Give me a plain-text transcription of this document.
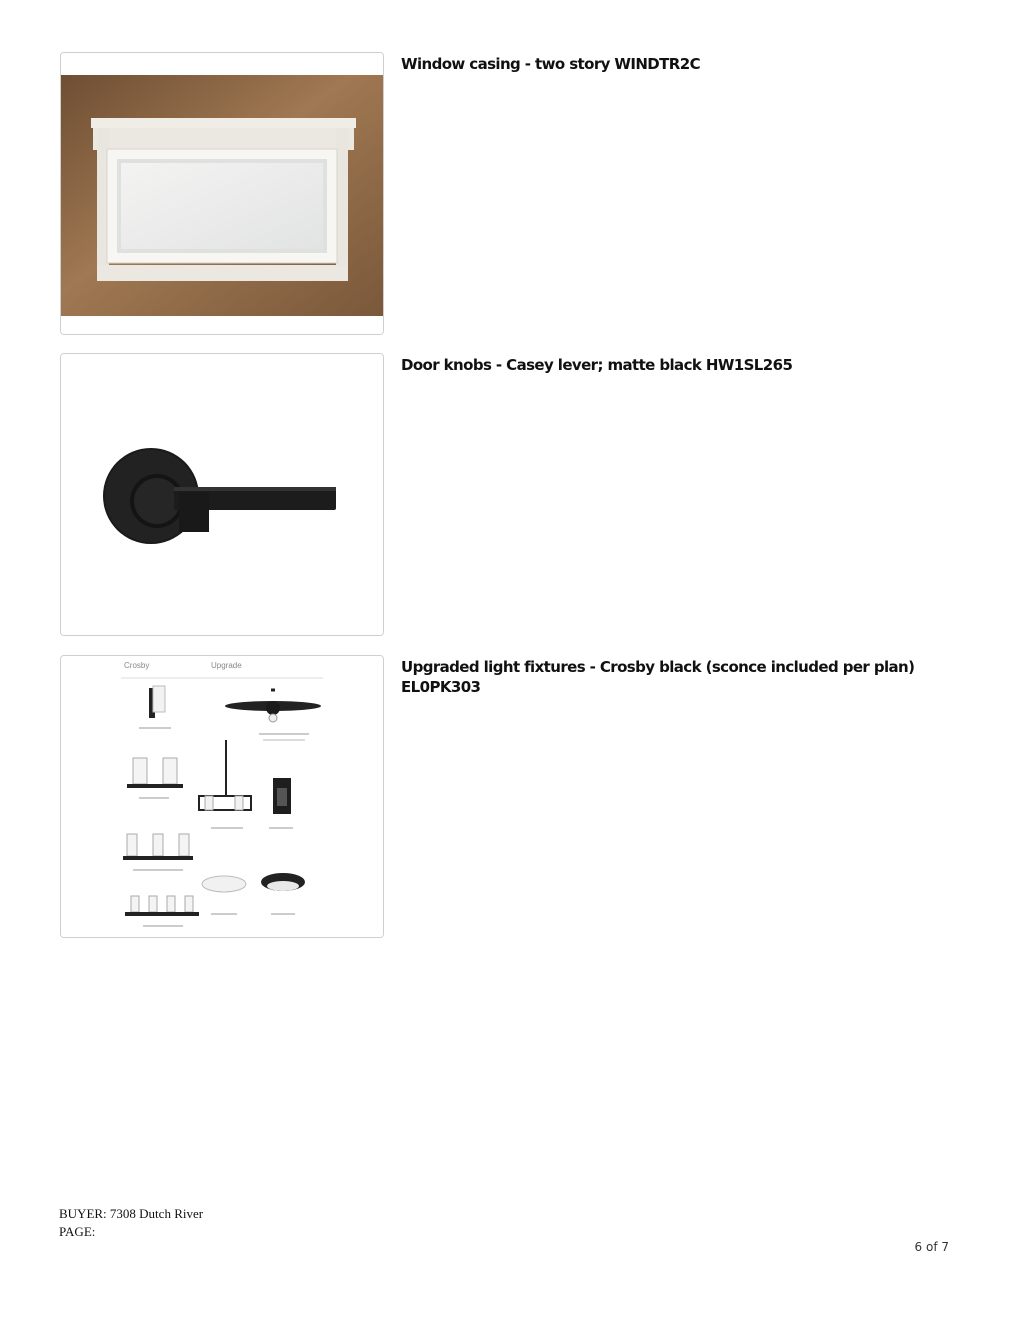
Window casing - two story WINDTR2C
Door knobs - Casey lever; matte black HW1SL265
Crosby	Upgrade	Upgraded light fixtures - Crosby black (sconce included per plan) EL0PK303
BUYER: 7308 Dutch River
PAGE:
6 of 7
